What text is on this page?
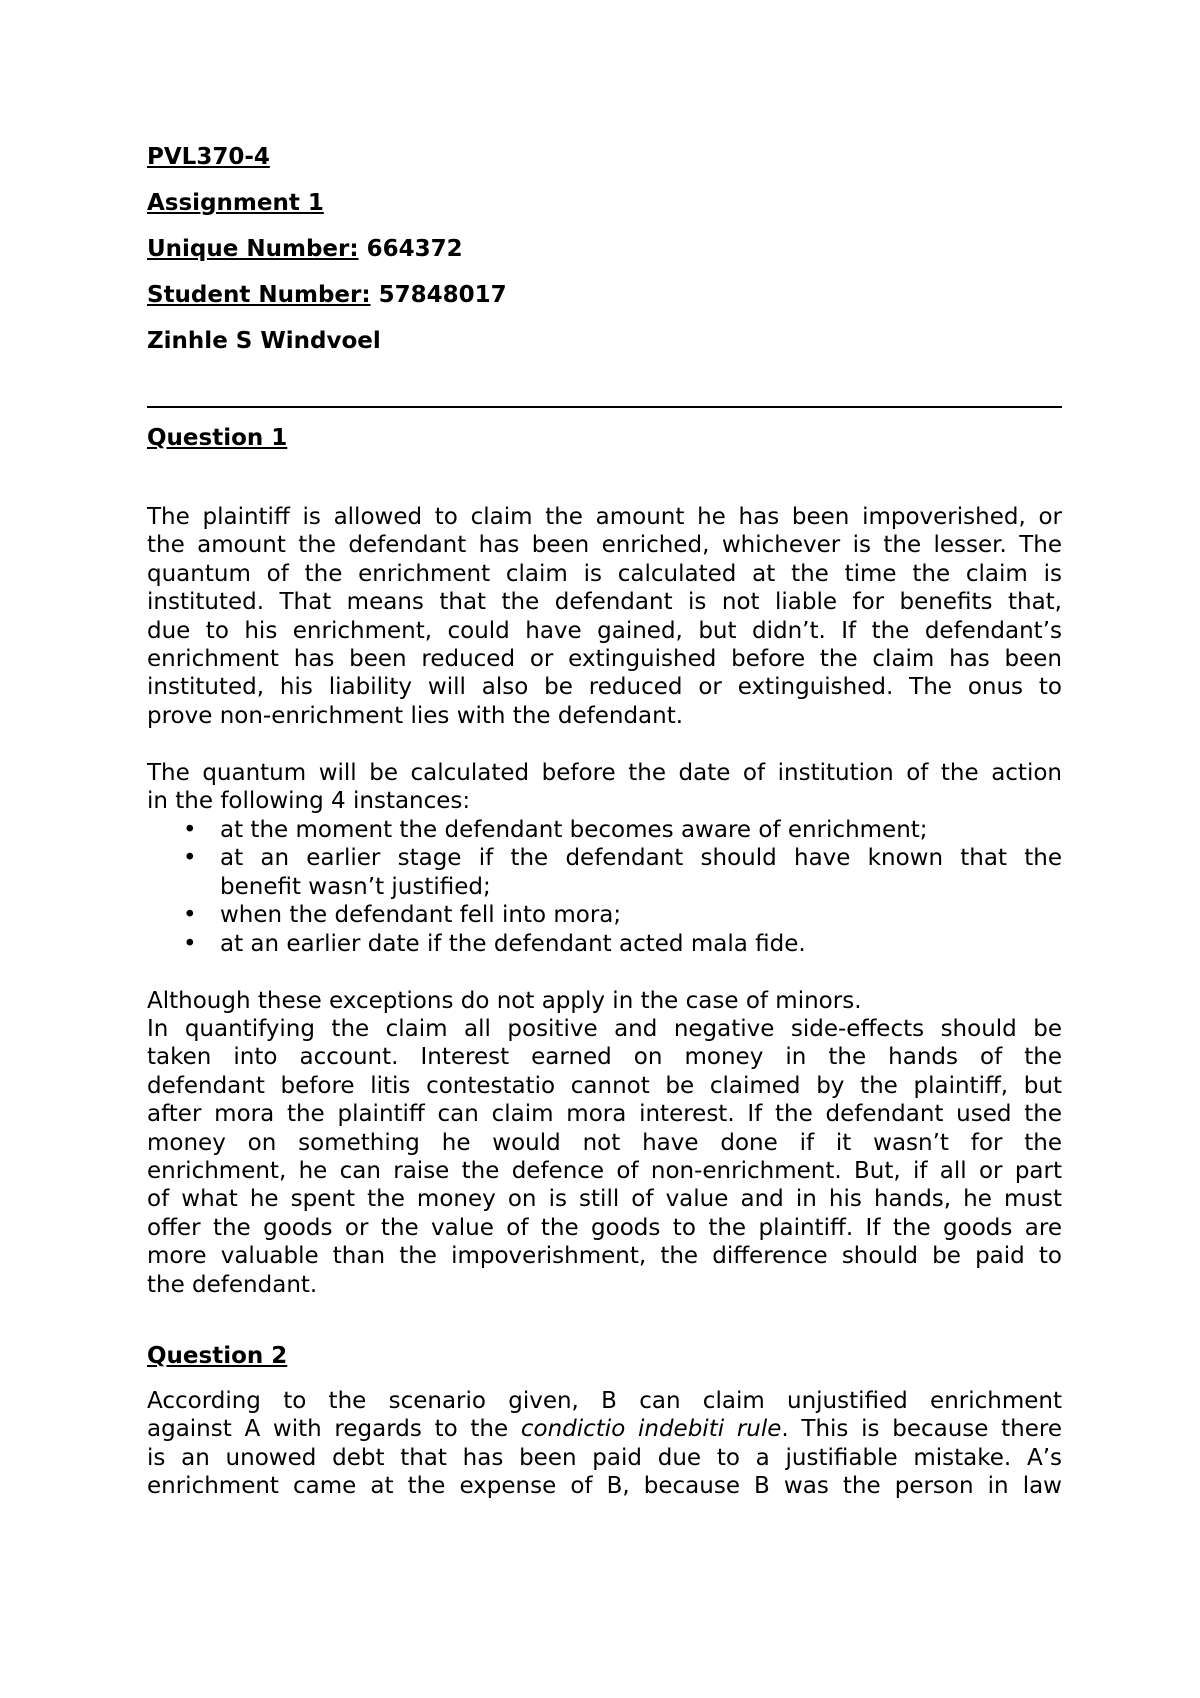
PVL370-4
Assignment 1
Unique Number: 664372
Student Number: 57848017
Zinhle S Windvoel
Question 1
The plaintiff is allowed to claim the amount he has been impoverished, or
the amount the defendant has been enriched, whichever is the lesser. The
quantum of the enrichment claim is calculated at the time the claim is
instituted. That means that the defendant is not liable for benefits that,
due to his enrichment, could have gained, but didn’t. If the defendant’s
enrichment has been reduced or extinguished before the claim has been
instituted, his liability will also be reduced or extinguished. The onus to
prove non-enrichment lies with the defendant.
The quantum will be calculated before the date of institution of the action
in the following 4 instances:
• at the moment the defendant becomes aware of enrichment;
• at an earlier stage if the defendant should have known that the
benefit wasn’t justified;
• when the defendant fell into mora;
• at an earlier date if the defendant acted mala fide.
Although these exceptions do not apply in the case of minors.
In quantifying the claim all positive and negative side-effects should be
taken into account. Interest earned on money in the hands of the
defendant before litis contestatio cannot be claimed by the plaintiff, but
after mora the plaintiff can claim mora interest. If the defendant used the
money on something he would not have done if it wasn’t for the
enrichment, he can raise the defence of non-enrichment. But, if all or part
of what he spent the money on is still of value and in his hands, he must
offer the goods or the value of the goods to the plaintiff. If the goods are
more valuable than the impoverishment, the difference should be paid to
the defendant.
Question 2
According to the scenario given, B can claim unjustified enrichment
against A with regards to the condictio indebiti rule. This is because there
is an unowed debt that has been paid due to a justifiable mistake. A’s
enrichment came at the expense of B, because B was the person in law
